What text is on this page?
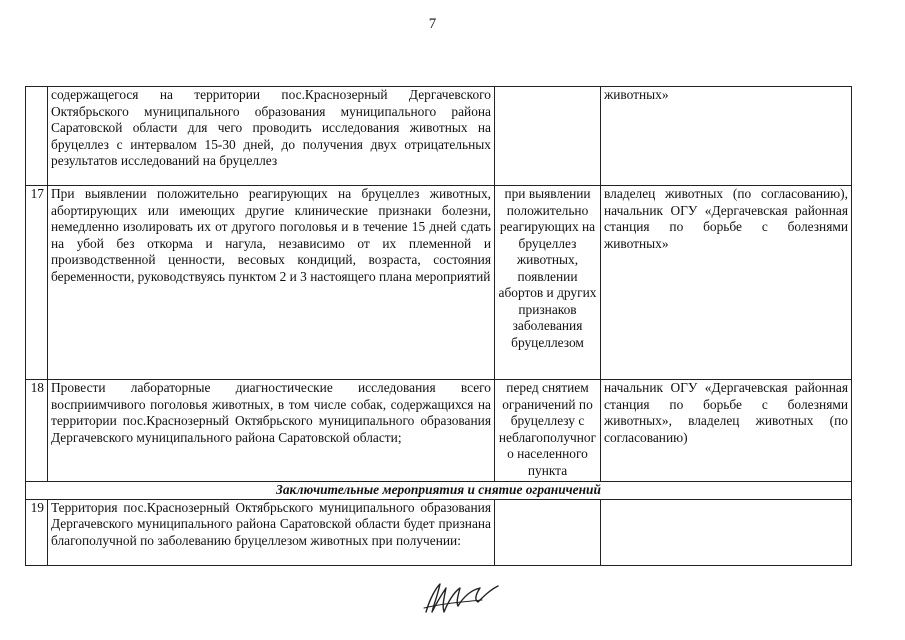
7
	содержащегося на территории пос.Краснозерный Дергачевского Октябрьского муниципального образования муниципального района Саратовской области для чего проводить исследования животных на бруцеллез с интервалом 15-30 дней, до получения двух отрицательных результатов исследований на бруцеллез		животных»
17	При выявлении положительно реагирующих на бруцеллез животных, абортирующих или имеющих другие клинические признаки болезни, немедленно изолировать их от другого поголовья и в течение 15 дней сдать на убой без откорма и нагула, независимо от их племенной и производственной ценности, весовых кондиций, возраста, состояния беременности, руководствуясь пунктом 2 и 3 настоящего плана мероприятий	при выявлении положительно реагирующих на бруцеллез животных, появлении абортов и других признаков заболевания бруцеллезом	владелец животных (по согласованию), начальник ОГУ «Дергачевская районная станция по борьбе с болезнями животных»
18	Провести лабораторные диагностические исследования всего восприимчивого поголовья животных, в том числе собак, содержащихся на территории пос.Краснозерный Октябрьского муниципального образования Дергачевского муниципального района Саратовской области;	перед снятием ограничений по бруцеллезу с неблагополучного населенного пункта	начальник ОГУ «Дергачевская районная станция по борьбе с болезнями животных», владелец животных (по согласованию)
Заключительные мероприятия и снятие ограничений			
19	Территория пос.Краснозерный Октябрьского муниципального образования Дергачевского муниципального района Саратовской области будет признана благополучной по заболеванию бруцеллезом животных при получении:		
